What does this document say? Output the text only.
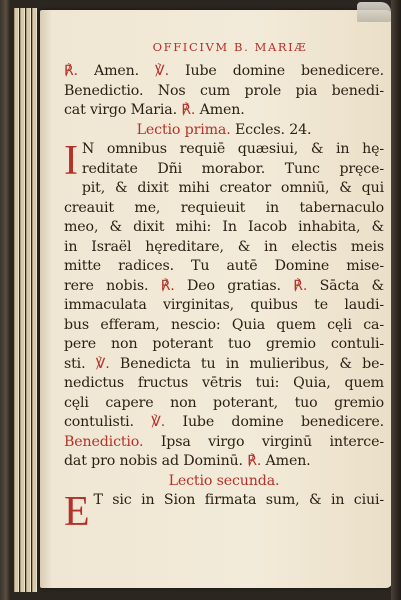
OFFICIVM B. MARIÆ
℟. Amen. ℣. Iube domine benedicere.
Benedictio. Nos cum prole pia benedi-
cat virgo Maria. ℟. Amen.
Lectio prima. Eccles. 24.
I N omnibus requiē quæsiui, & in hę-
reditate Dñi morabor. Tunc pręce-
pit, & dixit mihi creator omniū, & qui
creauit me, requieuit in tabernaculo
meo, & dixit mihi: In Iacob inhabita, &
in Israël hęreditare, & in electis meis
mitte radices. Tu autē Domine mise-
rere nobis. ℟. Deo gratias. ℟. Sācta &
immaculata virginitas, quibus te laudi-
bus efferam, nescio: Quia quem cęli ca-
pere non poterant tuo gremio contuli-
sti. ℣. Benedicta tu in mulieribus, & be-
nedictus fructus vētris tui: Quia, quem
cęli capere non poterant, tuo gremio
contulisti. ℣. Iube domine benedicere.
Benedictio. Ipsa virgo virginū interce-
dat pro nobis ad Dominū. ℟. Amen.
Lectio secunda.
E T sic in Sion firmata sum, & in ciui-
